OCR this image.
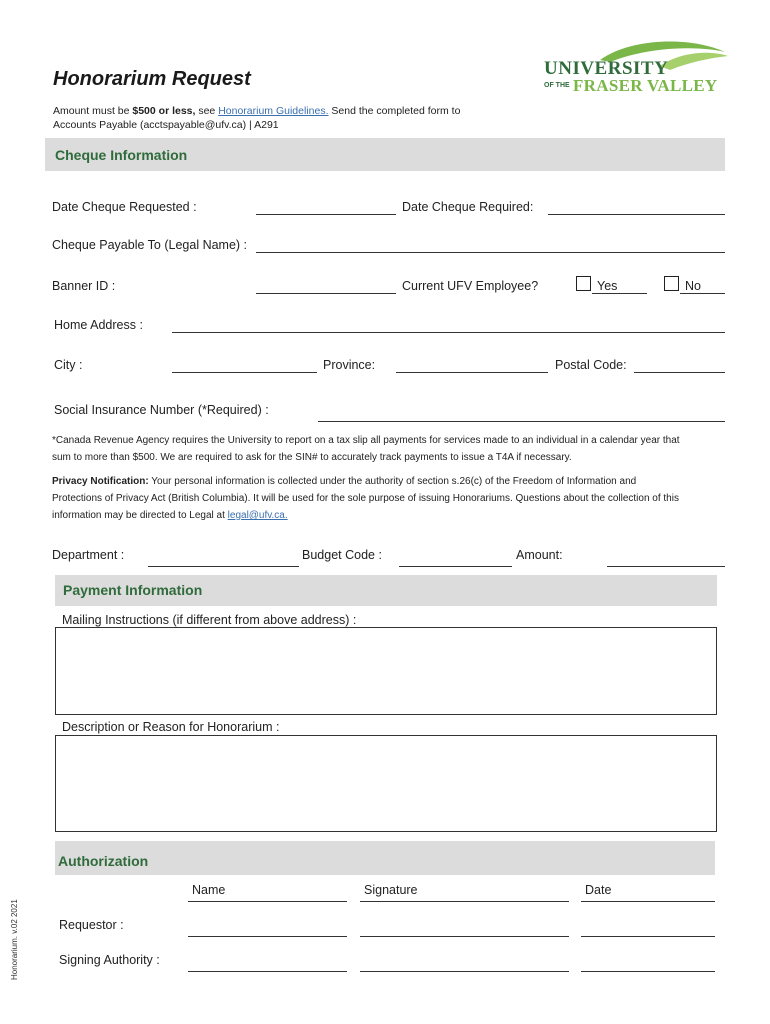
Honorarium Request
Amount must be $500 or less, see Honorarium Guidelines. Send the completed form to
Accounts Payable (acctspayable@ufv.ca) | A291
UNIVERSITY
OF THE FRASER VALLEY
Cheque Information
Date Cheque Requested :	Date Cheque Required:
Cheque Payable To (Legal Name) :
Banner ID :	Current UFV Employee?	Yes	No
Home Address :
City :	Province:	Postal Code:
Social Insurance Number (*Required) :
*Canada Revenue Agency requires the University to report on a tax slip all payments for services made to an individual in a calendar year that
sum to more than $500. We are required to ask for the SIN# to accurately track payments to issue a T4A if necessary.
Privacy Notification: Your personal information is collected under the authority of section s.26(c) of the Freedom of Information and
Protections of Privacy Act (British Columbia). It will be used for the sole purpose of issuing Honorariums. Questions about the collection of this
information may be directed to Legal at legal@ufv.ca.
Department :	Budget Code :	Amount:
Payment Information
Mailing Instructions (if different from above address) :
Description or Reason for Honorarium :
Authorization
Name	Signature	Date
Requestor :
Signing Authority :
Honorarium. v.02 2021
